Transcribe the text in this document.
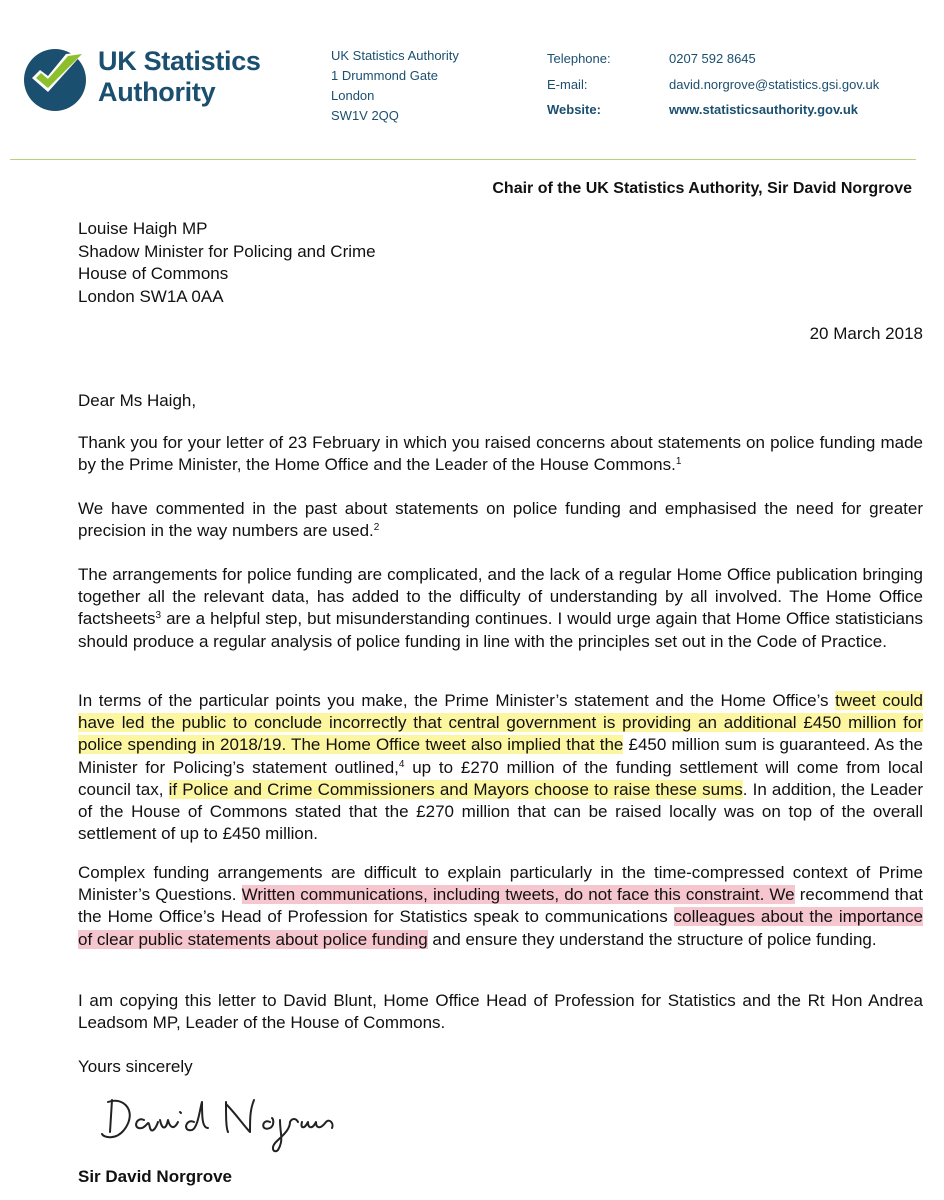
UK Statistics
Authority
UK Statistics Authority
1 Drummond Gate
London
SW1V 2QQ
Telephone:	0207 592 8645
E-mail:	david.norgrove@statistics.gsi.gov.uk
Website:	www.statisticsauthority.gov.uk
Chair of the UK Statistics Authority, Sir David Norgrove
Louise Haigh MP
Shadow Minister for Policing and Crime
House of Commons
London SW1A 0AA
20 March 2018
Dear Ms Haigh,

Thank you for your letter of 23 February in which you raised concerns about statements on police funding made by the Prime Minister, the Home Office and the Leader of the House Commons.$^1$

We have commented in the past about statements on police funding and emphasised the need for greater precision in the way numbers are used.$^2$

The arrangements for police funding are complicated, and the lack of a regular Home Office publication bringing together all the relevant data, has added to the difficulty of understanding by all involved. The Home Office factsheets$^3$ are a helpful step, but misunderstanding continues. I would urge again that Home Office statisticians should produce a regular analysis of police funding in line with the principles set out in the Code of Practice.

In terms of the particular points you make, the Prime Minister’s statement and the Home Office’s tweet could have led the public to conclude incorrectly that central government is providing an additional £450 million for police spending in 2018/19. The Home Office tweet also implied that the £450 million sum is guaranteed. As the Minister for Policing’s statement outlined,$^4$ up to £270 million of the funding settlement will come from local council tax, if Police and Crime Commissioners and Mayors choose to raise these sums. In addition, the Leader of the House of Commons stated that the £270 million that can be raised locally was on top of the overall settlement of up to £450 million.

Complex funding arrangements are difficult to explain particularly in the time-compressed context of Prime Minister’s Questions. Written communications, including tweets, do not face this constraint. We recommend that the Home Office’s Head of Profession for Statistics speak to communications colleagues about the importance of clear public statements about police funding and ensure they understand the structure of police funding.

I am copying this letter to David Blunt, Home Office Head of Profession for Statistics and the Rt Hon Andrea Leadsom MP, Leader of the House of Commons.

Yours sincerely

Sir David Norgrove
